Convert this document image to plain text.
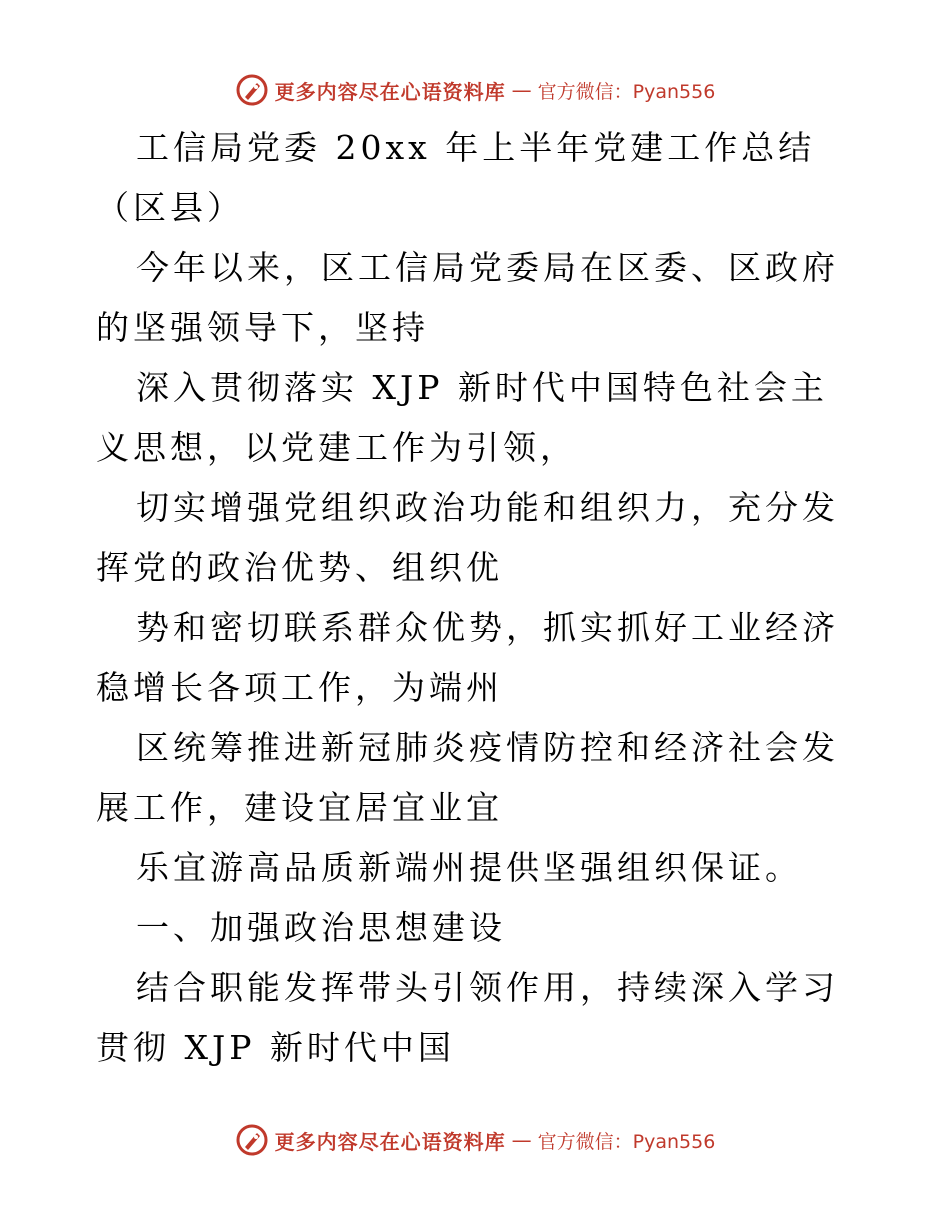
更多内容尽在心语资料库 — 官方微信：Pyan556

工信局党委 20xx 年上半年党建工作总结（区县）

今年以来，区工信局党委局在区委、区政府的坚强领导下，坚持

深入贯彻落实 XJP 新时代中国特色社会主义思想，以党建工作为引领，

切实增强党组织政治功能和组织力，充分发挥党的政治优势、组织优

势和密切联系群众优势，抓实抓好工业经济稳增长各项工作，为端州

区统筹推进新冠肺炎疫情防控和经济社会发展工作，建设宜居宜业宜

乐宜游高品质新端州提供坚强组织保证。

一、加强政治思想建设

结合职能发挥带头引领作用，持续深入学习贯彻 XJP 新时代中国

更多内容尽在心语资料库 — 官方微信：Pyan556
